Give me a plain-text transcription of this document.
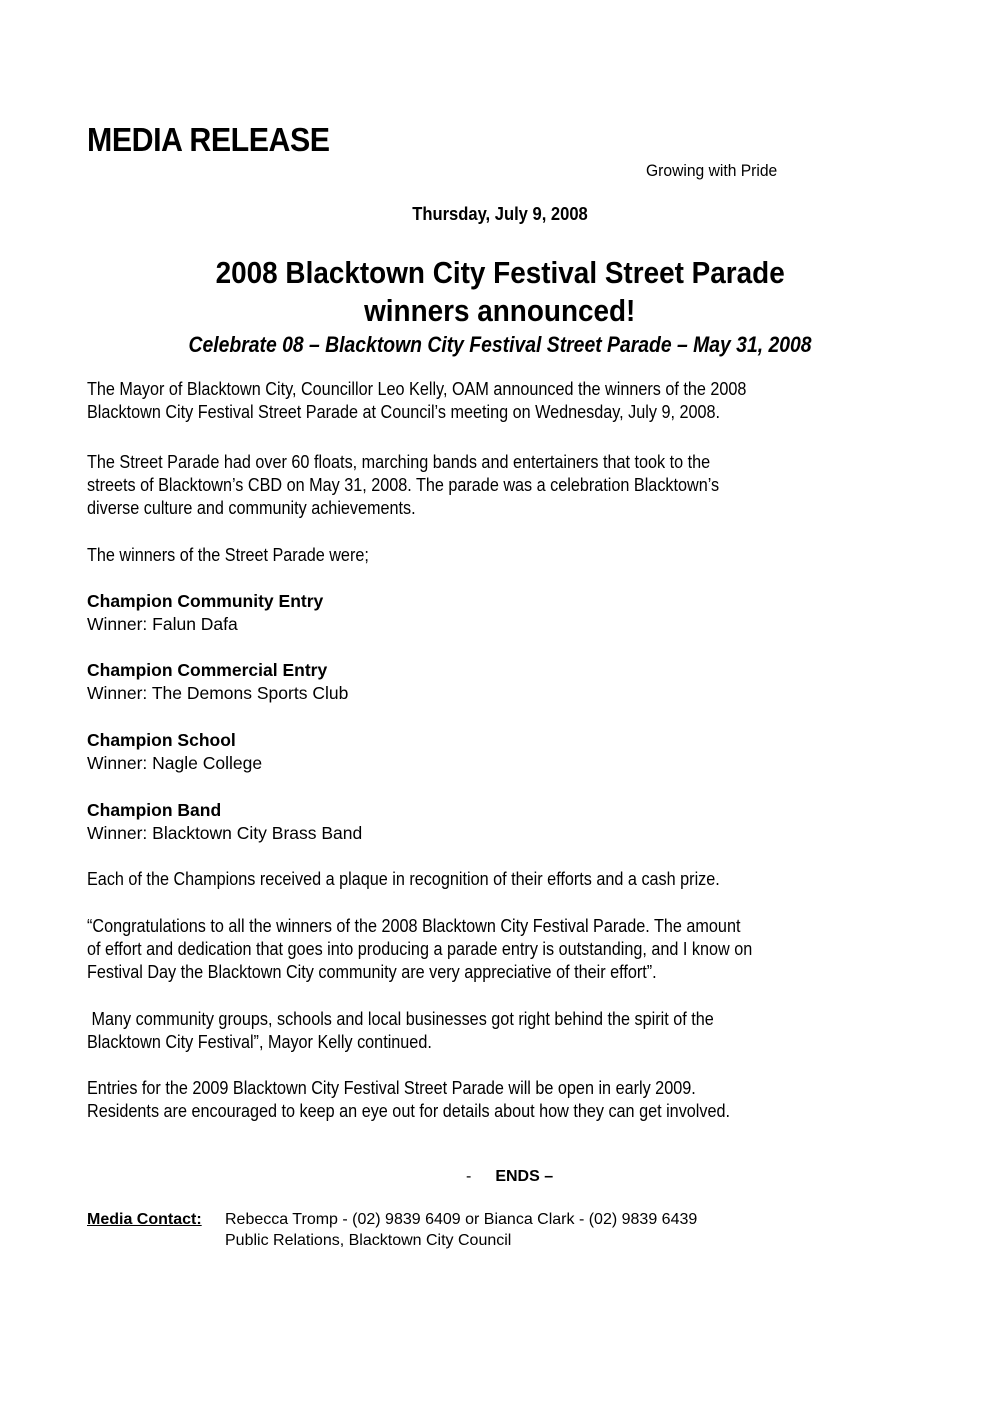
MEDIA RELEASE
Growing with Pride
Thursday, July 9, 2008
2008 Blacktown City Festival Street Parade
winners announced!
Celebrate 08 – Blacktown City Festival Street Parade – May 31, 2008
The Mayor of Blacktown City, Councillor Leo Kelly, OAM announced the winners of the 2008
Blacktown City Festival Street Parade at Council’s meeting on Wednesday, July 9, 2008.
The Street Parade had over 60 floats, marching bands and entertainers that took to the
streets of Blacktown’s CBD on May 31, 2008. The parade was a celebration Blacktown’s
diverse culture and community achievements.
The winners of the Street Parade were;
Champion Community Entry
Winner: Falun Dafa
Champion Commercial Entry
Winner: The Demons Sports Club
Champion School
Winner: Nagle College
Champion Band
Winner: Blacktown City Brass Band
Each of the Champions received a plaque in recognition of their efforts and a cash prize.
“Congratulations to all the winners of the 2008 Blacktown City Festival Parade. The amount
of effort and dedication that goes into producing a parade entry is outstanding, and I know on
Festival Day the Blacktown City community are very appreciative of their effort”.
Many community groups, schools and local businesses got right behind the spirit of the
Blacktown City Festival”, Mayor Kelly continued.
Entries for the 2009 Blacktown City Festival Street Parade will be open in early 2009.
Residents are encouraged to keep an eye out for details about how they can get involved.
- ENDS –
Media Contact: Rebecca Tromp - (02) 9839 6409 or Bianca Clark - (02) 9839 6439
Public Relations, Blacktown City Council
